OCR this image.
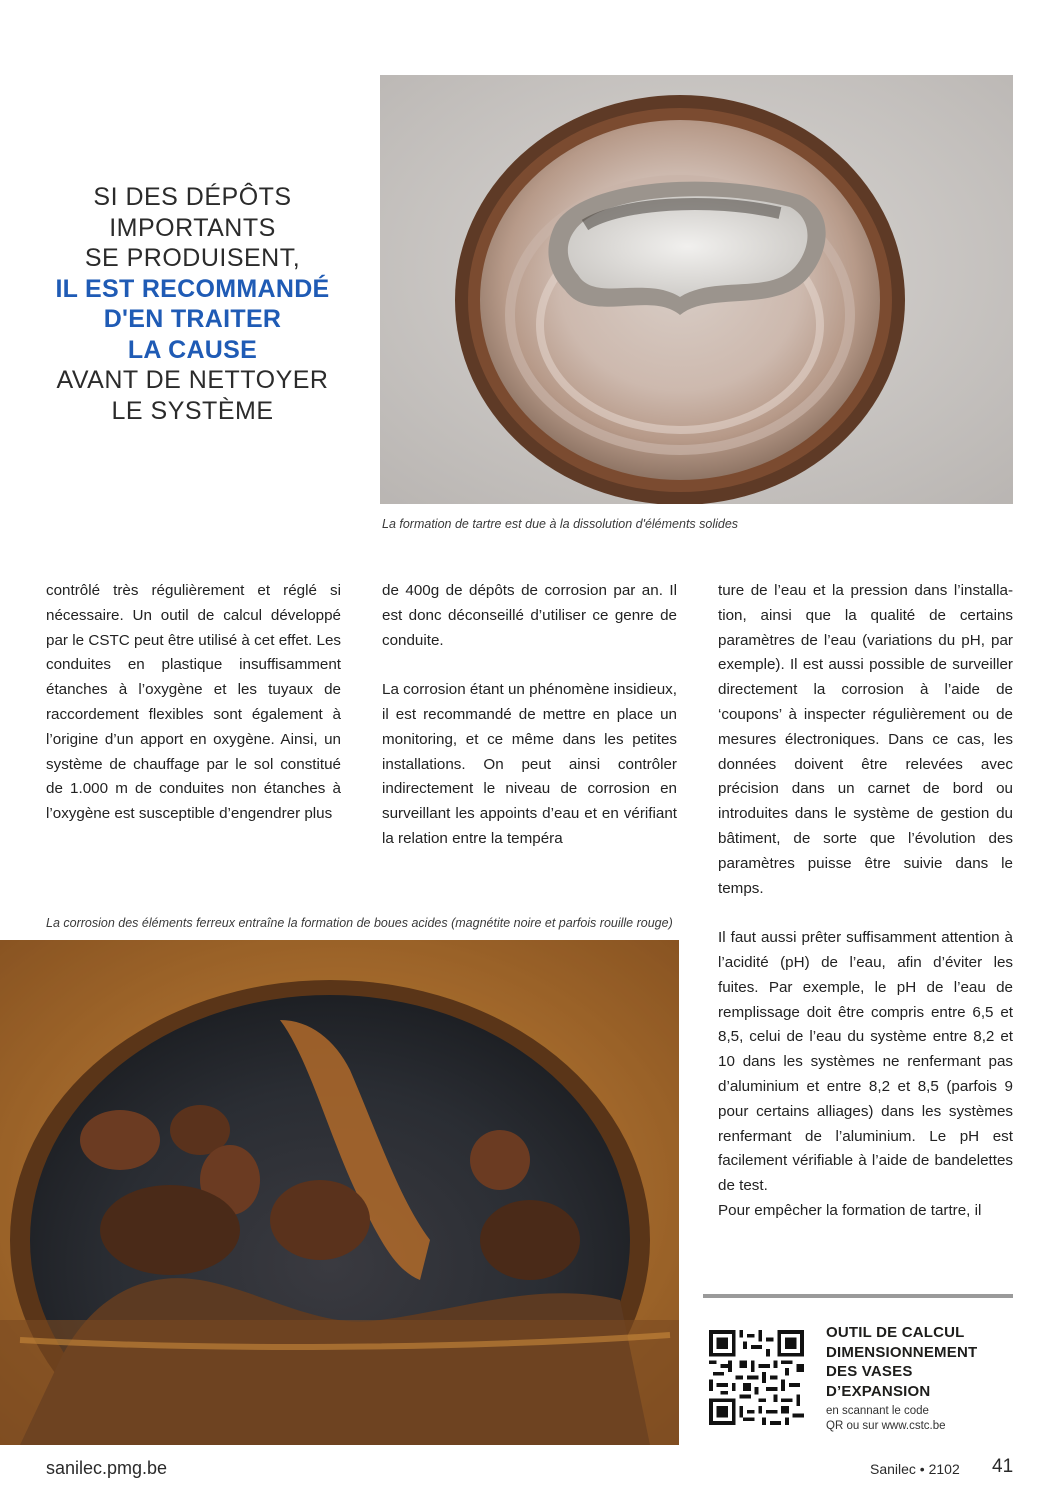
SI DES DÉPÔTS
IMPORTANTS
SE PRODUISENT,
IL EST RECOMMANDÉ
D'EN TRAITER
LA CAUSE
AVANT DE NETTOYER
LE SYSTÈME
La formation de tartre est due à la dissolution d'éléments solides

contrôlé très régulièrement et réglé si nécessaire. Un outil de calcul développé par le CSTC peut être utilisé à cet effet. Les conduites en plastique insuffisamment étanches à l’oxygène et les tuyaux de raccordement flexibles sont également à l’origine d’un apport en oxygène. Ainsi, un système de chauffage par le sol constitué de 1.000 m de conduites non étanches à l’oxygène est susceptible d’engendrer plus

de 400g de dépôts de corrosion par an. Il est donc déconseillé d’utiliser ce genre de conduite.

La corrosion étant un phénomène insidieux, il est recommandé de mettre en place un monitoring, et ce même dans les petites installations. On peut ainsi contrôler indirectement le niveau de corrosion en surveillant les appoints d’eau et en vérifiant la relation entre la tempéra

ture de l’eau et la pression dans l’installation, ainsi que la qualité de certains paramètres de l’eau (variations du pH, par exemple). Il est aussi possible de surveiller directement la corrosion à l’aide de ‘coupons’ à inspecter régulièrement ou de mesures électroniques. Dans ce cas, les données doivent être relevées avec précision dans un carnet de bord ou introduites dans le système de gestion du bâtiment, de sorte que l’évolution des paramètres puisse être suivie dans le temps.

Il faut aussi prêter suffisamment attention à l’acidité (pH) de l’eau, afin d’éviter les fuites. Par exemple, le pH de l’eau de remplissage doit être compris entre 6,5 et 8,5, celui de l’eau du système entre 8,2 et 10 dans les systèmes ne renfermant pas d’aluminium et entre 8,2 et 8,5 (parfois 9 pour certains alliages) dans les systèmes renfermant de l’aluminium. Le pH est facilement vérifiable à l’aide de bandelettes de test.

Pour empêcher la formation de tartre, il

La corrosion des éléments ferreux entraîne la formation de boues acides (magnétite noire et parfois rouille rouge)
OUTIL DE CALCUL
DIMENSIONNEMENT
DES VASES
D’EXPANSION
en scannant le code
QR ou sur www.cstc.be
sanilec.pmg.be	Sanilec • 2102 41
